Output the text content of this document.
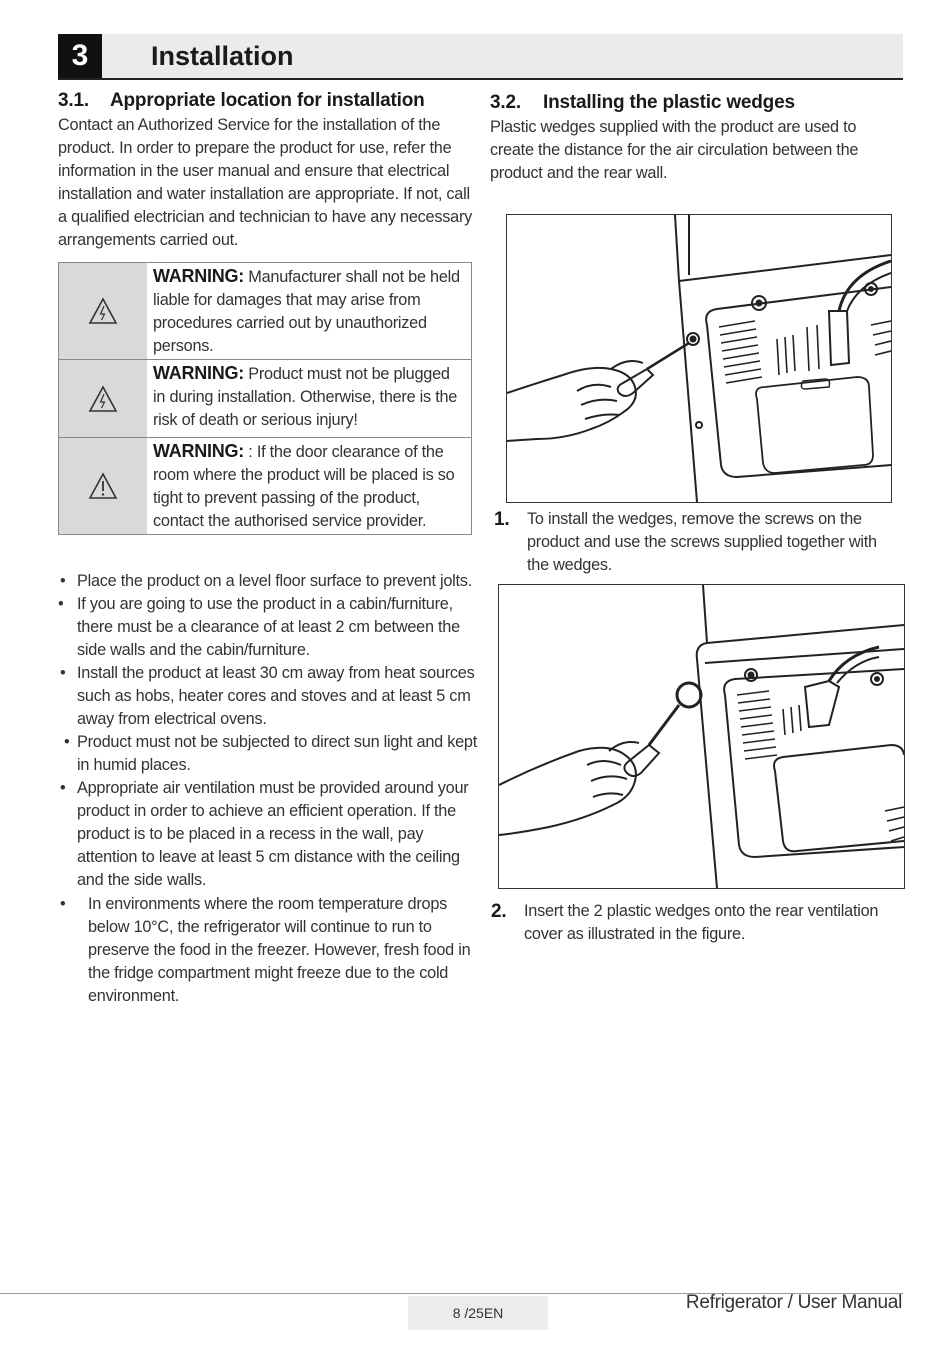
3	Installation
3.1. Appropriate location for installation
Contact an Authorized Service for the installation of the product. In order to prepare the product for use, refer the information in the user manual and ensure that electrical installation and water installation are appropriate. If not, call a qualified electrician and technician to have any necessary arrangements carried out.
WARNING: Manufacturer shall not be held liable for damages that may arise from procedures carried out by unauthorized persons.
WARNING: Product must not be plugged in during installation. Otherwise, there is the risk of death or serious injury!
WARNING: : If the door clearance of the room where the product will be placed is so tight to prevent passing of the product, contact the authorised service provider.
• Place the product on a level floor surface to prevent jolts.
• If you are going to use the product in a cabin/furniture, there must be a clearance of at least 2 cm between the side walls and the cabin/furniture.
• Install the product at least 30 cm away from heat sources such as hobs, heater cores and stoves and at least 5 cm away from electrical ovens.
• Product must not be subjected to direct sun light and kept in humid places.
• Appropriate air ventilation must be provided around your product in order to achieve an efficient operation. If the product is to be placed in a recess in the wall, pay attention to leave at least 5 cm distance with the ceiling and the side walls.
• In environments where the room temperature drops below 10°C, the refrigerator will continue to run to preserve the food in the freezer. However, fresh food in the fridge compartment might freeze due to the cold environment.
3.2. Installing the plastic wedges
Plastic wedges supplied with the product are used to create the distance for the air circulation between the product and the rear wall.
1. To install the wedges, remove the screws on the product and use the screws supplied together with the wedges.
2. Insert the 2 plastic wedges onto the rear ventilation cover as illustrated in the figure.
8 /25EN	Refrigerator / User Manual
